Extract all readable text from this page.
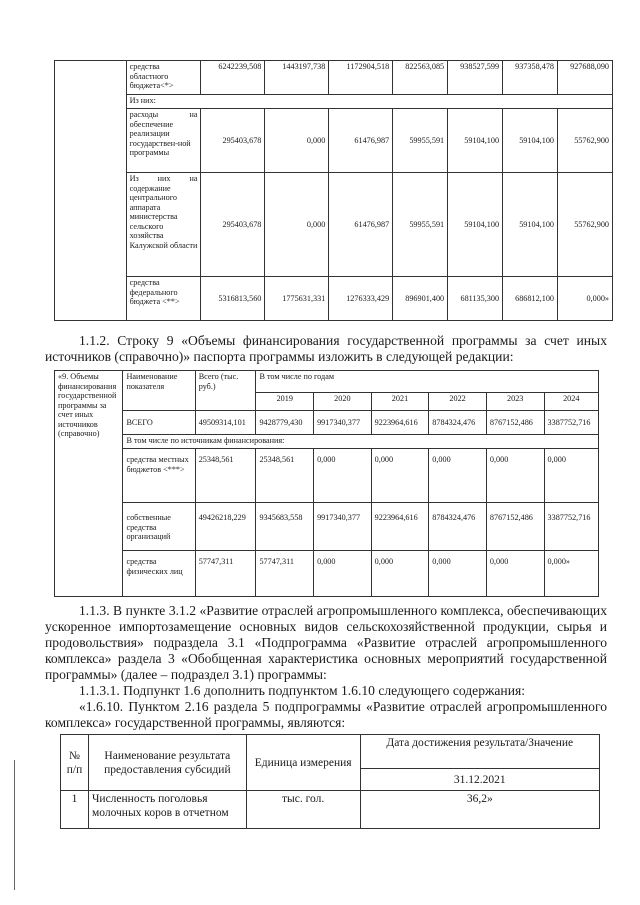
	средства областного бюджета<*>	6242239,508	1443197,738	1172904,518	822563,085	938527,599	937358,478	927688,090
	Из них:							
	расходы на обеспечение реализации государствен-ной программы	295403,678	0,000	61476,987	59955,591	59104,100	59104,100	55762,900
	Из них на содержание центрального аппарата министерства сельского хозяйства Калужской области	295403,678	0,000	61476,987	59955,591	59104,100	59104,100	55762,900
	средства федерального бюджета <**>	5316813,560	1775631,331	1276333,429	896901,400	681135,300	686812,100	0,000»

1.1.2. Строку 9 «Объемы финансирования государственной программы за счет иных источников (справочно)» паспорта программы изложить в следующей редакции:

«9. Объемы финансирования государственной программы за счет иных источников (справочно)	Наименование показателя	Всего (тыс. руб.)	В том числе по годам					
			2019	2020	2021	2022	2023	2024
	ВСЕГО	49509314,101	9428779,430	9917340,377	9223964,616	8784324,476	8767152,486	3387752,716
	В том числе по источникам финансирования:							
	средства местных бюджетов <***>	25348,561	25348,561	0,000	0,000	0,000	0,000	0,000
	собственные средства организаций	49426218,229	9345683,558	9917340,377	9223964,616	8784324,476	8767152,486	3387752,716
	средства физических лиц	57747,311	57747,311	0,000	0,000	0,000	0,000	0,000»

1.1.3. В пункте 3.1.2 «Развитие отраслей агропромышленного комплекса, обеспечивающих ускоренное импортозамещение основных видов сельскохозяйственной продукции, сырья и продовольствия» подраздела 3.1 «Подпрограмма «Развитие отраслей агропромышленного комплекса» раздела 3 «Обобщенная характеристика основных мероприятий государственной программы» (далее – подраздел 3.1) программы:

1.1.3.1. Подпункт 1.6 дополнить подпунктом 1.6.10 следующего содержания:

«1.6.10. Пунктом 2.16 раздела 5 подпрограммы «Развитие отраслей агропромышленного комплекса» государственной программы, являются:

№ п/п	Наименование результата предоставления субсидий	Единица измерения	Дата достижения результата/Значение
			31.12.2021
1	Численность поголовья молочных коров в отчетном	тыс. гол.	36,2»
